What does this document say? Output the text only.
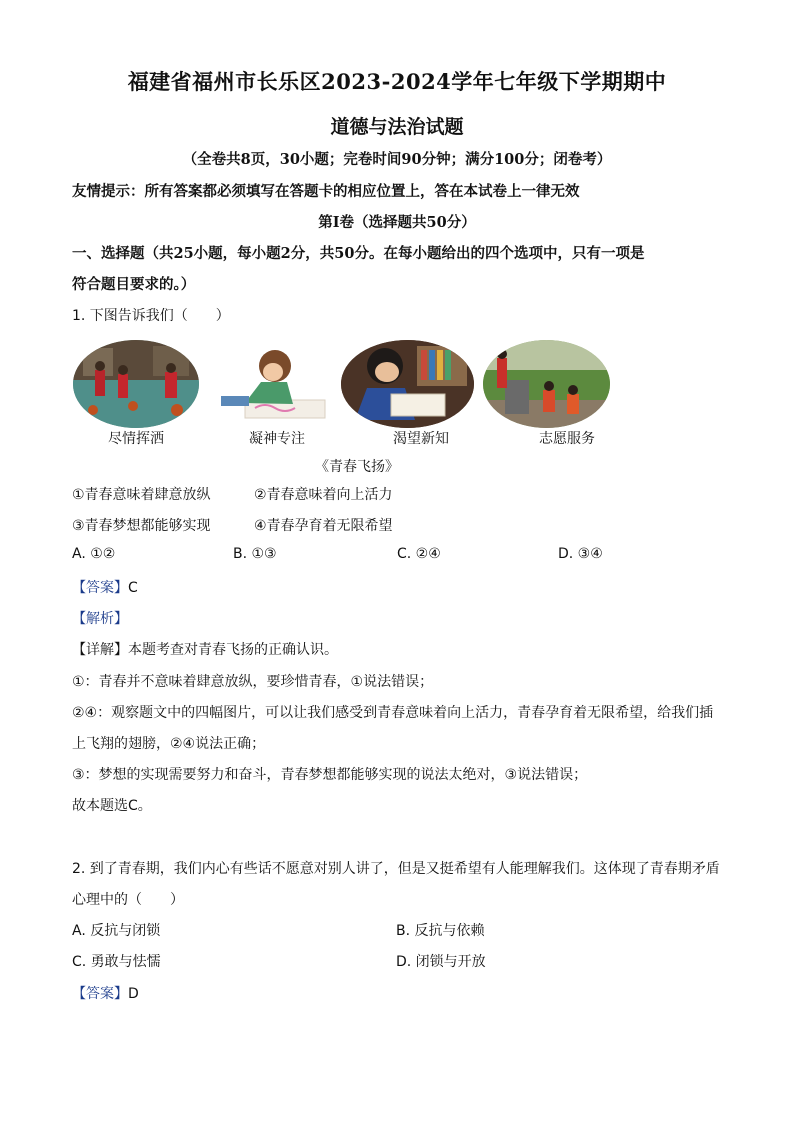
福建省福州市长乐区2023-2024学年七年级下学期期中
道德与法治试题
（全卷共8页，30小题；完卷时间90分钟；满分100分；闭卷考）
友情提示：所有答案都必须填写在答题卡的相应位置上，答在本试卷上一律无效
第Ⅰ卷（选择题共50分）
一、选择题（共25小题，每小题2分，共50分。在每小题给出的四个选项中，只有一项是
符合题目要求的。）
1. 下图告诉我们（　　）
尽情挥洒	凝神专注	渴望新知	志愿服务
《青春飞扬》
①青春意味着肆意放纵	②青春意味着向上活力
③青春梦想都能够实现	④青春孕育着无限希望
A. ①②	B. ①③	C. ②④	D. ③④
【答案】C
【解析】
【详解】本题考查对青春飞扬的正确认识。
①：青春并不意味着肆意放纵，要珍惜青春，①说法错误；
②④：观察题文中的四幅图片，可以让我们感受到青春意味着向上活力，青春孕育着无限希望，给我们插
上飞翔的翅膀，②④说法正确；
③：梦想的实现需要努力和奋斗，青春梦想都能够实现的说法太绝对，③说法错误；
故本题选C。
2. 到了青春期，我们内心有些话不愿意对别人讲了，但是又挺希望有人能理解我们。这体现了青春期矛盾
心理中的（　　）
A. 反抗与闭锁	B. 反抗与依赖
C. 勇敢与怯懦	D. 闭锁与开放
【答案】D
